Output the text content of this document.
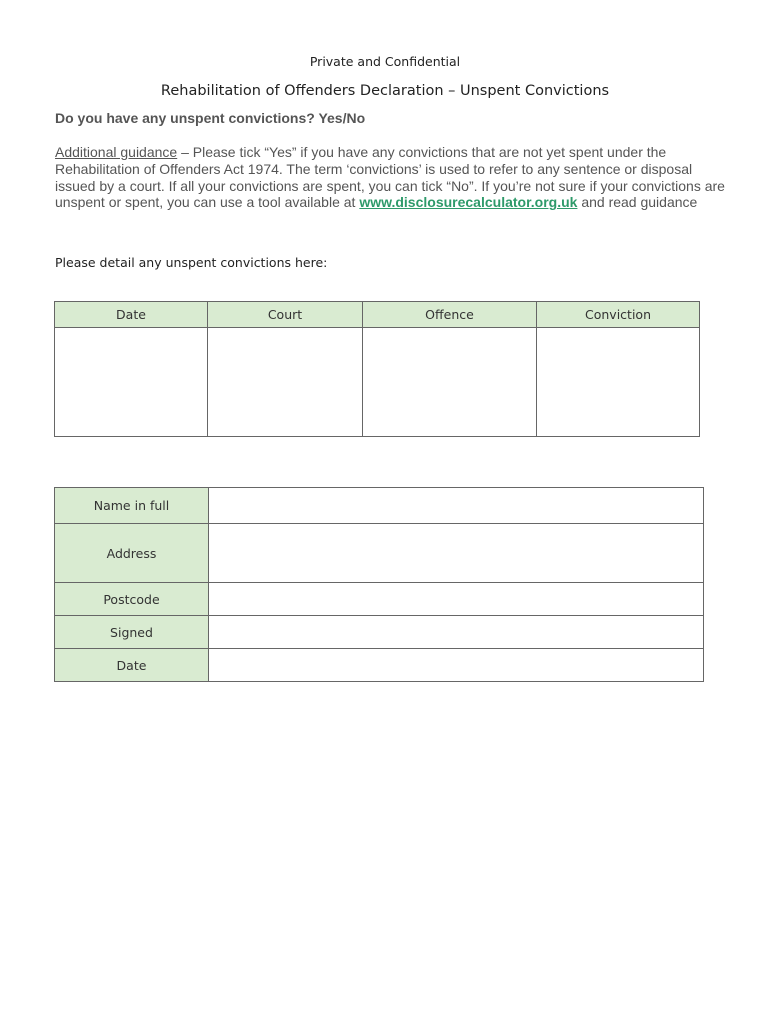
Private and Confidential
Rehabilitation of Offenders Declaration – Unspent Convictions
Do you have any unspent convictions? Yes/No
Additional guidance – Please tick “Yes” if you have any convictions that are not yet spent under the Rehabilitation of Offenders Act 1974. The term ‘convictions’ is used to refer to any sentence or disposal issued by a court. If all your convictions are spent, you can tick “No”. If you’re not sure if your convictions are unspent or spent, you can use a tool available at www.disclosurecalculator.org.uk and read guidance
Please detail any unspent convictions here:
Date	Court	Offence	Conviction

Name in full	
Address	
Postcode	
Signed	
Date	
